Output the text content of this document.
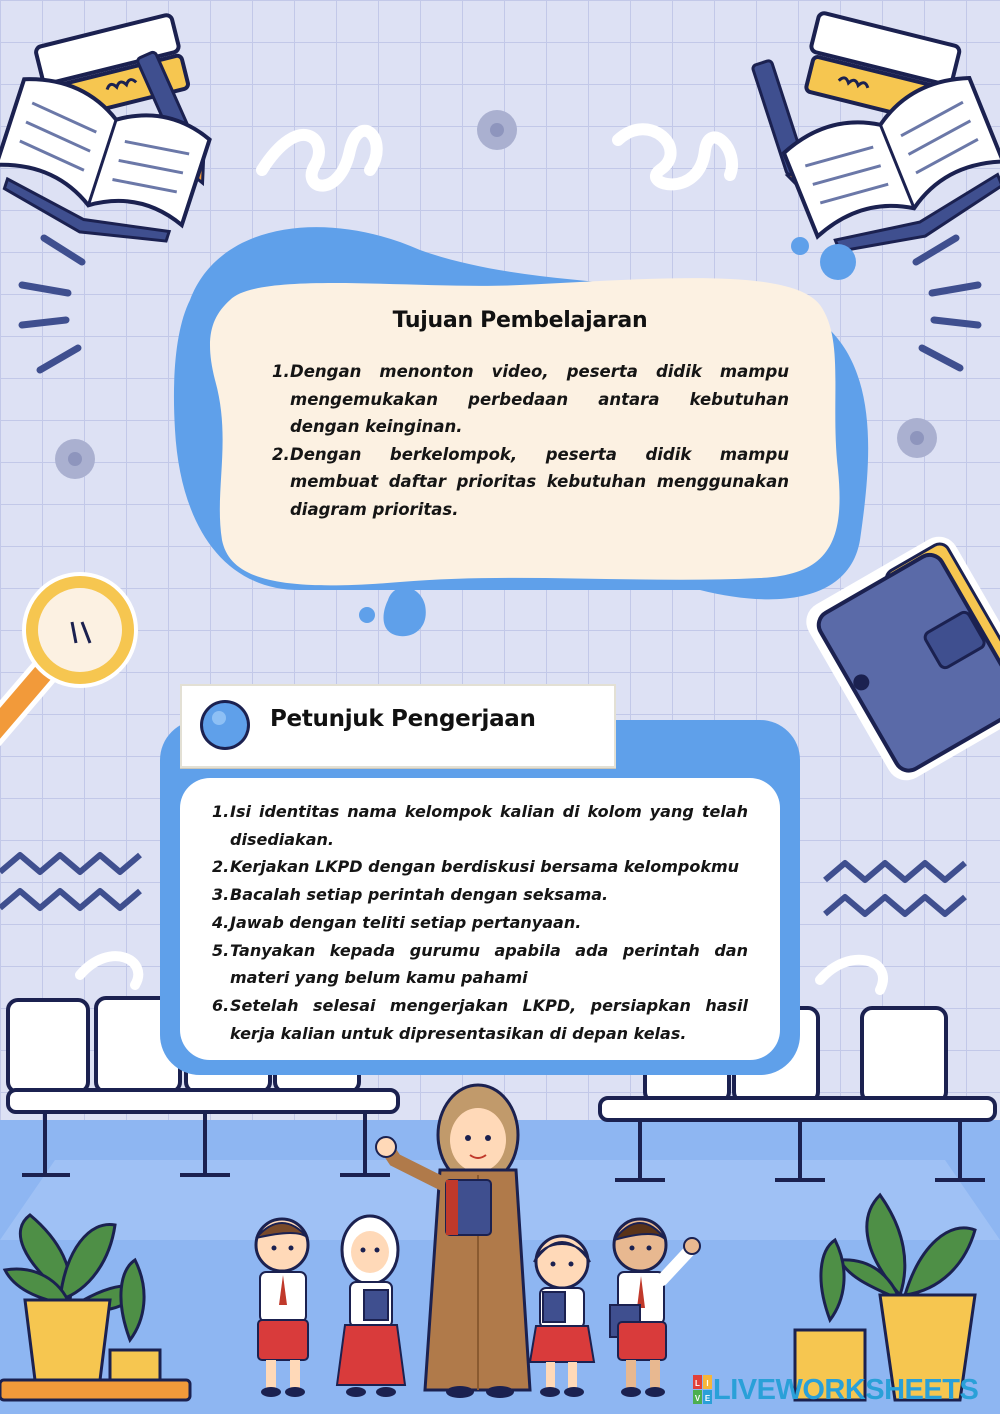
Tujuan Pembelajaran
1. Dengan menonton video, peserta didik mampu mengemukakan perbedaan antara kebutuhan dengan keinginan.
2. Dengan berkelompok, peserta didik mampu membuat daftar prioritas kebutuhan menggunakan diagram prioritas.
Petunjuk Pengerjaan
1. Isi identitas nama kelompok kalian di kolom yang telah disediakan.
2. Kerjakan LKPD dengan berdiskusi bersama kelompokmu
3. Bacalah setiap perintah dengan seksama.
4. Jawab dengan teliti setiap pertanyaan.
5. Tanyakan kepada gurumu apabila ada perintah dan materi yang belum kamu pahami
6. Setelah selesai mengerjakan LKPD, persiapkan hasil kerja kalian untuk dipresentasikan di depan kelas.
L I
V E LIVEWORKSHEETS
